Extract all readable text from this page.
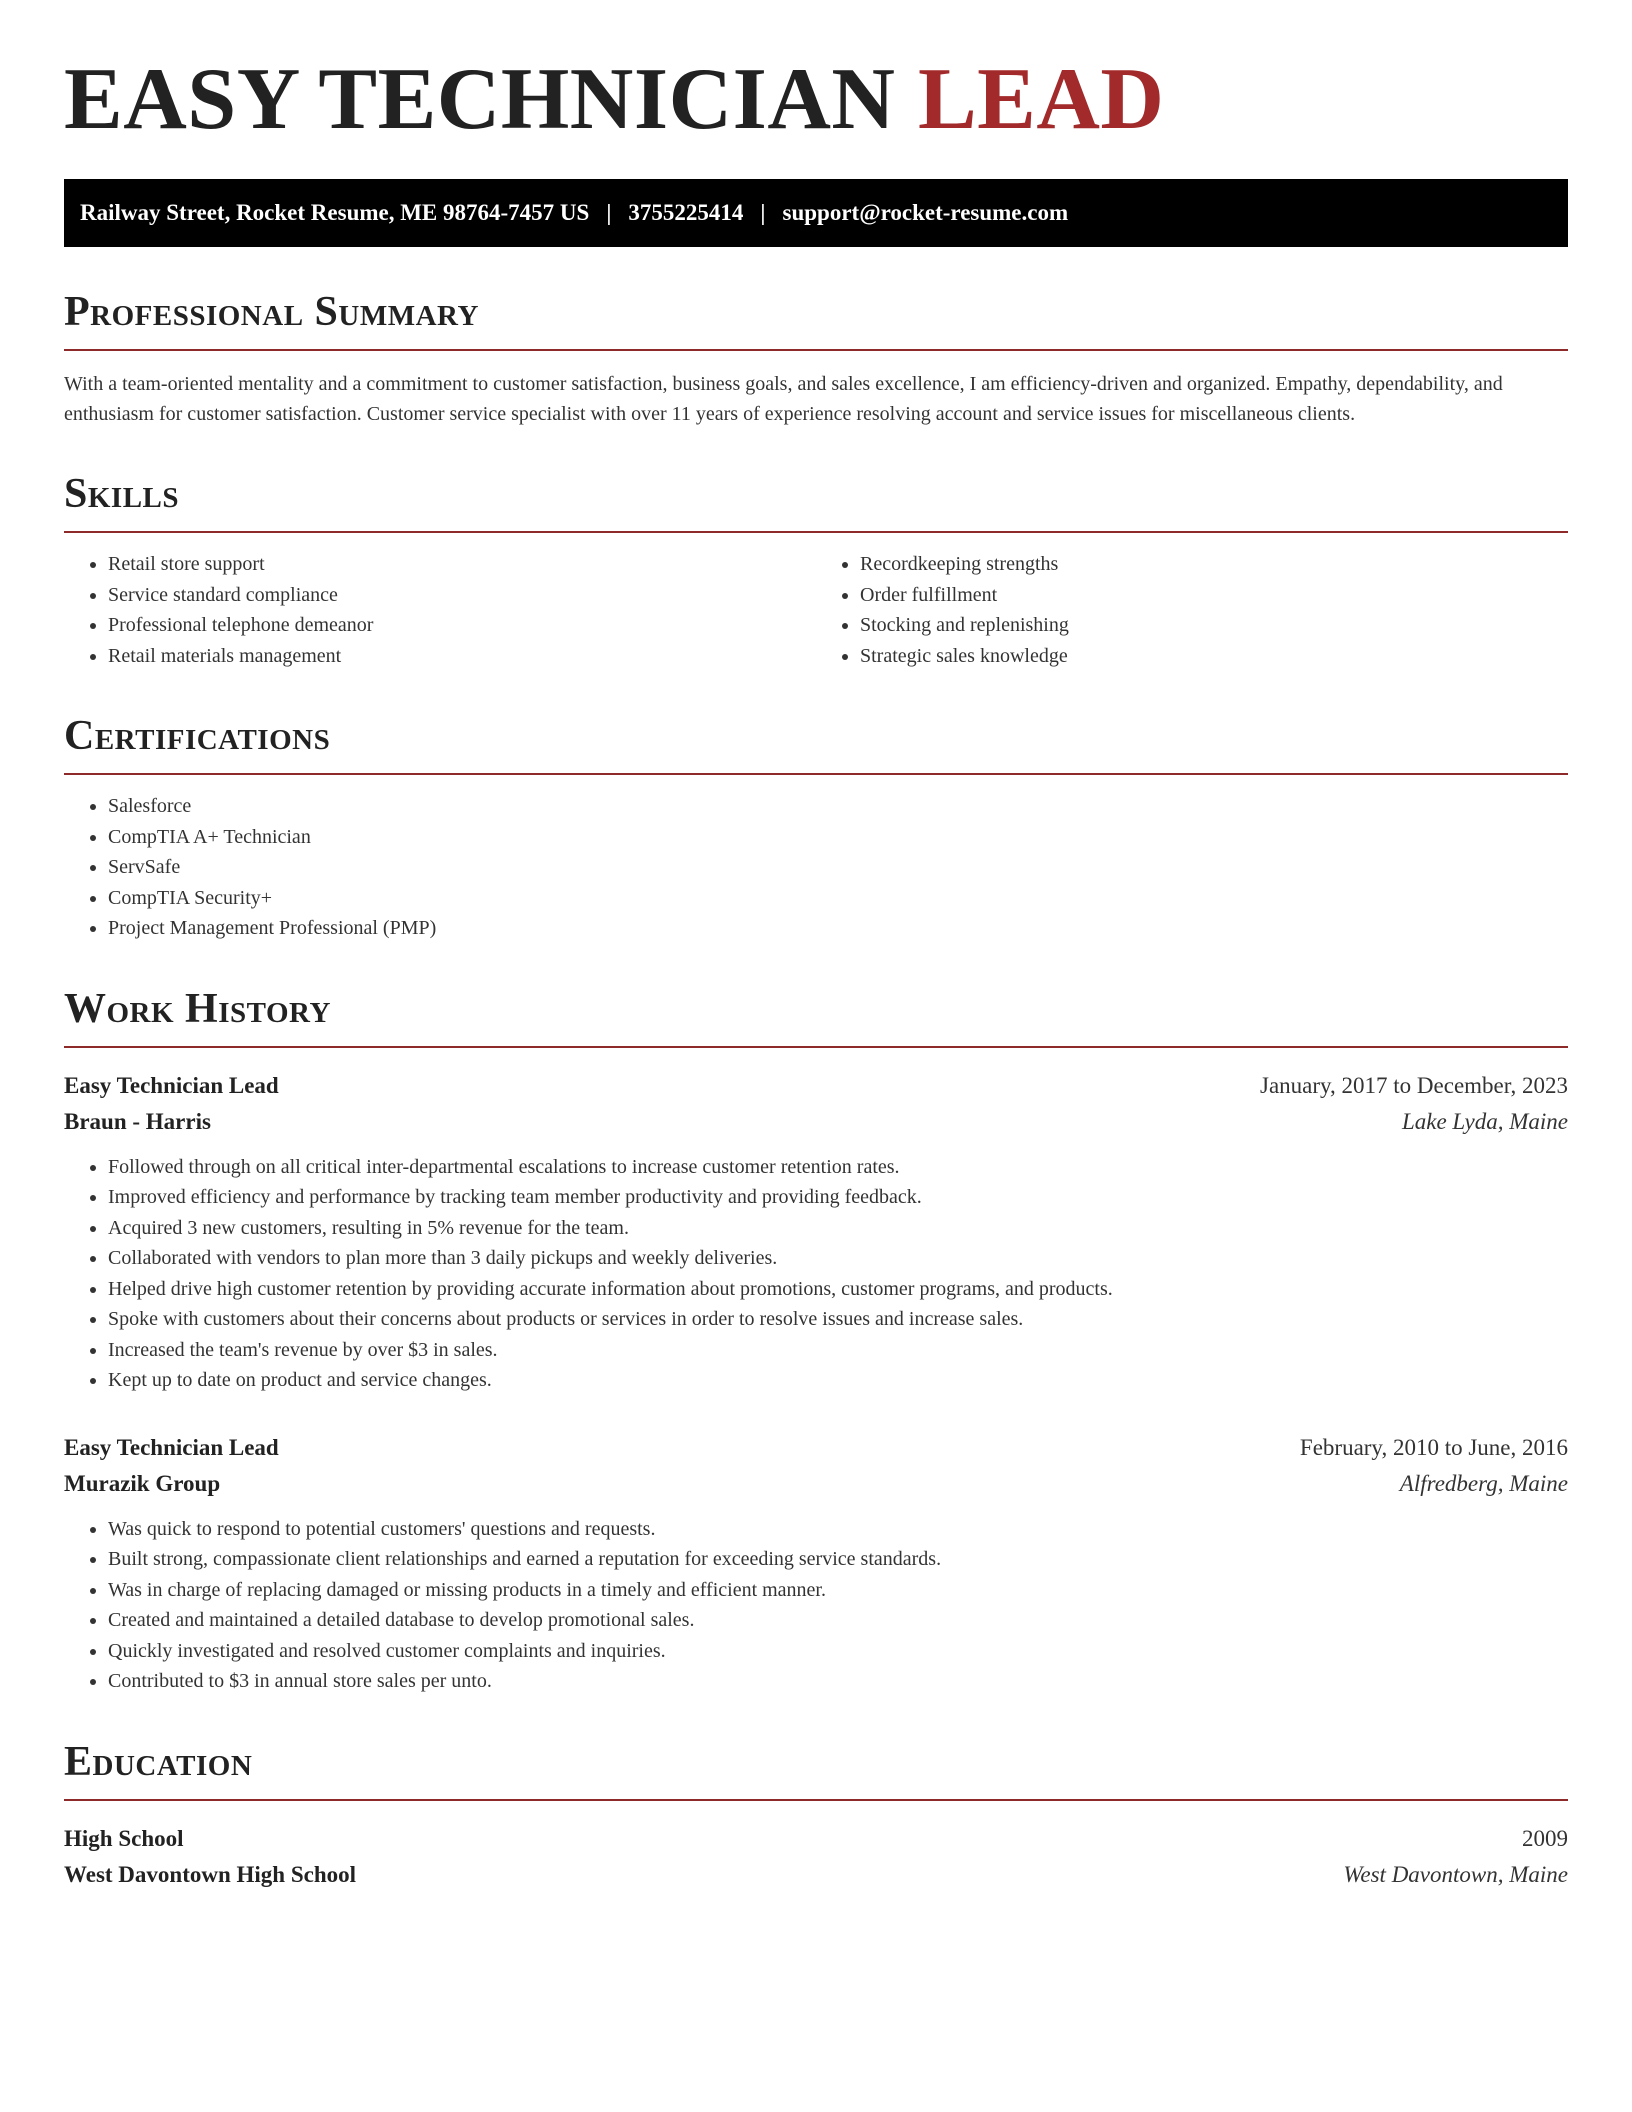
EASY TECHNICIAN LEAD
Railway Street, Rocket Resume, ME 98764-7457 US | 3755225414 | support@rocket-resume.com
Professional Summary

With a team-oriented mentality and a commitment to customer satisfaction, business goals, and sales excellence, I am efficiency-driven and organized. Empathy, dependability, and enthusiasm for customer satisfaction. Customer service specialist with over 11 years of experience resolving account and service issues for miscellaneous clients.

Skills
• Retail store support
• Service standard compliance
• Professional telephone demeanor
• Retail materials management
• Recordkeeping strengths
• Order fulfillment
• Stocking and replenishing
• Strategic sales knowledge
Certifications
• Salesforce
• CompTIA A+ Technician
• ServSafe
• CompTIA Security+
• Project Management Professional (PMP)
Work History
Easy Technician Lead	January, 2017 to December, 2023
Braun - Harris	Lake Lyda, Maine
• Followed through on all critical inter-departmental escalations to increase customer retention rates.
• Improved efficiency and performance by tracking team member productivity and providing feedback.
• Acquired 3 new customers, resulting in 5% revenue for the team.
• Collaborated with vendors to plan more than 3 daily pickups and weekly deliveries.
• Helped drive high customer retention by providing accurate information about promotions, customer programs, and products.
• Spoke with customers about their concerns about products or services in order to resolve issues and increase sales.
• Increased the team's revenue by over $3 in sales.
• Kept up to date on product and service changes.
Easy Technician Lead	February, 2010 to June, 2016
Murazik Group	Alfredberg, Maine
• Was quick to respond to potential customers' questions and requests.
• Built strong, compassionate client relationships and earned a reputation for exceeding service standards.
• Was in charge of replacing damaged or missing products in a timely and efficient manner.
• Created and maintained a detailed database to develop promotional sales.
• Quickly investigated and resolved customer complaints and inquiries.
• Contributed to $3 in annual store sales per unto.
Education
High School	2009
West Davontown High School	West Davontown, Maine
